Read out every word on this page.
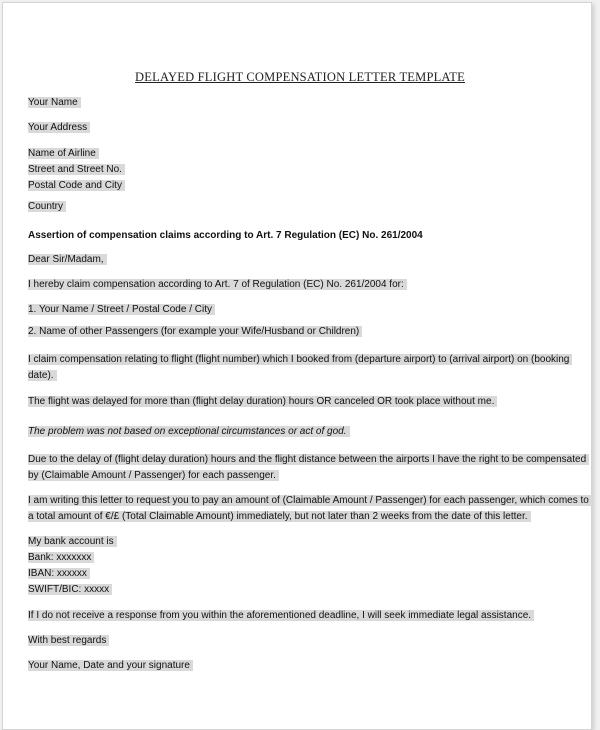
DELAYED FLIGHT COMPENSATION LETTER TEMPLATE
Your Name
Your Address
Name of Airline
Street and Street No.
Postal Code and City
Country
Assertion of compensation claims according to Art. 7 Regulation (EC) No. 261/2004
Dear Sir/Madam,
I hereby claim compensation according to Art. 7 of Regulation (EC) No. 261/2004 for:
1. Your Name / Street / Postal Code / City
2. Name of other Passengers (for example your Wife/Husband or Children)
I claim compensation relating to flight (flight number) which I booked from (departure airport) to (arrival airport) on (booking
date).
The flight was delayed for more than (flight delay duration) hours OR canceled OR took place without me.
The problem was not based on exceptional circumstances or act of god.
Due to the delay of (flight delay duration) hours and the flight distance between the airports I have the right to be compensated
by (Claimable Amount / Passenger) for each passenger.
I am writing this letter to request you to pay an amount of (Claimable Amount / Passenger) for each passenger, which comes to
a total amount of €/£ (Total Claimable Amount) immediately, but not later than 2 weeks from the date of this letter.
My bank account is
Bank: xxxxxxx
IBAN: xxxxxx
SWIFT/BIC: xxxxx
If I do not receive a response from you within the aforementioned deadline, I will seek immediate legal assistance.
With best regards
Your Name, Date and your signature
